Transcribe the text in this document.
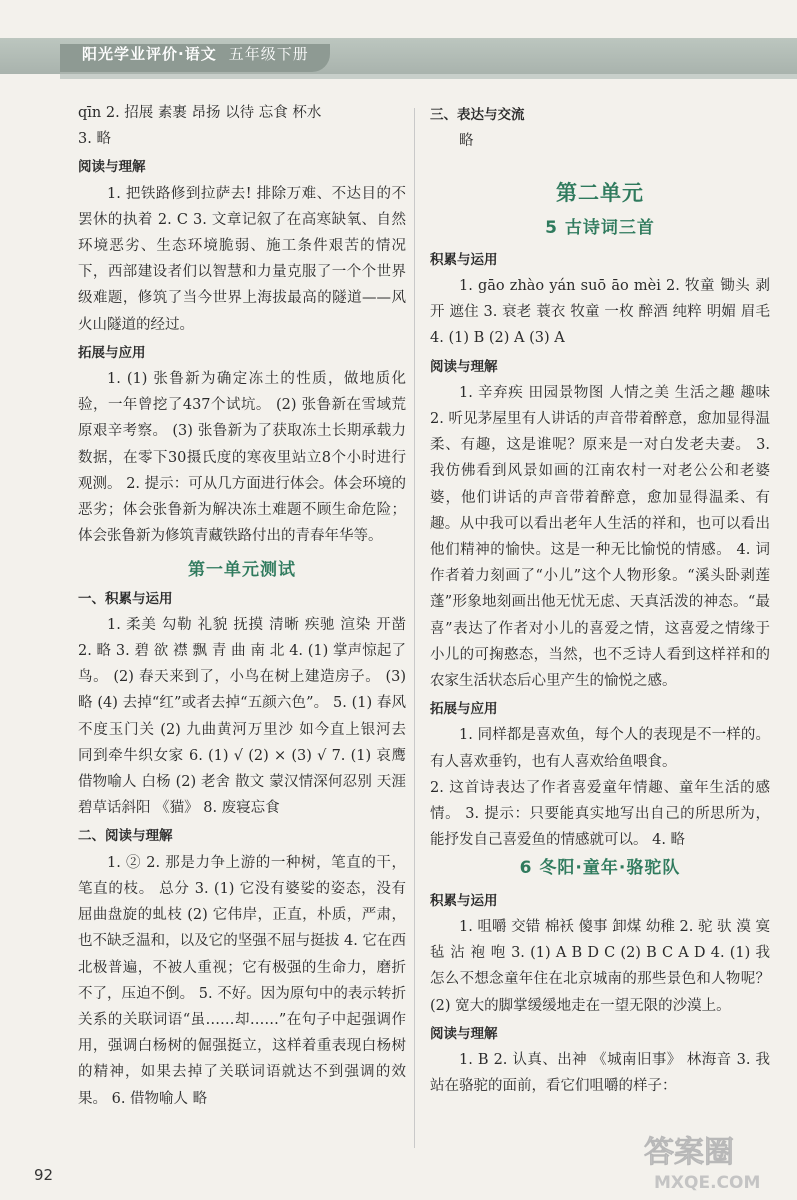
阳光学业评价·语文 五年级下册

qīn 2. 招展 素裹 昂扬 以待 忘食 杯水

3. 略

阅读与理解

1. 把铁路修到拉萨去! 排除万难、不达目的不罢休的执着 2. C 3. 文章记叙了在高寒缺氧、自然环境恶劣、生态环境脆弱、施工条件艰苦的情况下，西部建设者们以智慧和力量克服了一个个世界级难题，修筑了当今世界上海拔最高的隧道——风火山隧道的经过。

拓展与应用

1. (1) 张鲁新为确定冻土的性质，做地质化验，一年曾挖了437个试坑。 (2) 张鲁新在雪域荒原艰辛考察。 (3) 张鲁新为了获取冻土长期承载力数据，在零下30摄氏度的寒夜里站立8个小时进行观测。 2. 提示：可从几方面进行体会。体会环境的恶劣；体会张鲁新为解决冻土难题不顾生命危险；体会张鲁新为修筑青藏铁路付出的青春年华等。

第一单元测试

一、积累与运用

1. 柔美 勾勒 礼貌 抚摸 清晰 疾驰 渲染 开凿 2. 略 3. 碧 欲 襟 飘 青 曲 南 北 4. (1) 掌声惊起了鸟。 (2) 春天来到了，小鸟在树上建造房子。 (3) 略 (4) 去掉“红”或者去掉“五颜六色”。 5. (1) 春风不度玉门关 (2) 九曲黄河万里沙 如今直上银河去 同到牵牛织女家 6. (1) √ (2) × (3) √ 7. (1) 哀鹰 借物喻人 白杨 (2) 老舍 散文 蒙汉情深何忍别 天涯碧草话斜阳 《猫》 8. 废寝忘食

二、阅读与理解

1. ② 2. 那是力争上游的一种树，笔直的干，笔直的枝。 总分 3. (1) 它没有婆娑的姿态，没有屈曲盘旋的虬枝 (2) 它伟岸，正直，朴质，严肃，也不缺乏温和，以及它的坚强不屈与挺拔 4. 它在西北极普遍，不被人重视；它有极强的生命力，磨折不了，压迫不倒。 5. 不好。因为原句中的表示转折关系的关联词语“虽……却……”在句子中起强调作用，强调白杨树的倔强挺立，这样着重表现白杨树的精神，如果去掉了关联词语就达不到强调的效果。 6. 借物喻人 略

三、表达与交流

略

第二单元
5 古诗词三首

积累与运用

1. gāo zhào yán suō āo mèi 2. 牧童 锄头 剥开 遮住 3. 衰老 蓑衣 牧童 一枚 醉酒 纯粹 明媚 眉毛 4. (1) B (2) A (3) A

阅读与理解

1. 辛弃疾 田园景物图 人情之美 生活之趣 趣味 2. 听见茅屋里有人讲话的声音带着醉意，愈加显得温柔、有趣，这是谁呢？原来是一对白发老夫妻。 3. 我仿佛看到风景如画的江南农村一对老公公和老婆婆，他们讲话的声音带着醉意，愈加显得温柔、有趣。从中我可以看出老年人生活的祥和，也可以看出他们精神的愉快。这是一种无比愉悦的情感。 4. 词作者着力刻画了“小儿”这个人物形象。“溪头卧剥莲蓬”形象地刻画出他无忧无虑、天真活泼的神态。“最喜”表达了作者对小儿的喜爱之情，这喜爱之情缘于小儿的可掬憨态，当然，也不乏诗人看到这样祥和的农家生活状态后心里产生的愉悦之感。

拓展与应用

1. 同样都是喜欢鱼，每个人的表现是不一样的。有人喜欢垂钓，也有人喜欢给鱼喂食。

2. 这首诗表达了作者喜爱童年情趣、童年生活的感情。 3. 提示：只要能真实地写出自己的所思所为，能抒发自己喜爱鱼的情感就可以。 4. 略

6 冬阳·童年·骆驼队

积累与运用

1. 咀嚼 交错 棉袄 傻事 卸煤 幼稚 2. 驼 驮 漠 寞 毡 沾 袍 咆 3. (1) A B D C (2) B C A D 4. (1) 我怎么不想念童年住在北京城南的那些景色和人物呢？ (2) 宽大的脚掌缓缓地走在一望无限的沙漠上。

阅读与理解

1. B 2. 认真、出神 《城南旧事》 林海音 3. 我站在骆驼的面前，看它们咀嚼的样子：

92
答案圈
MXQE.COM
